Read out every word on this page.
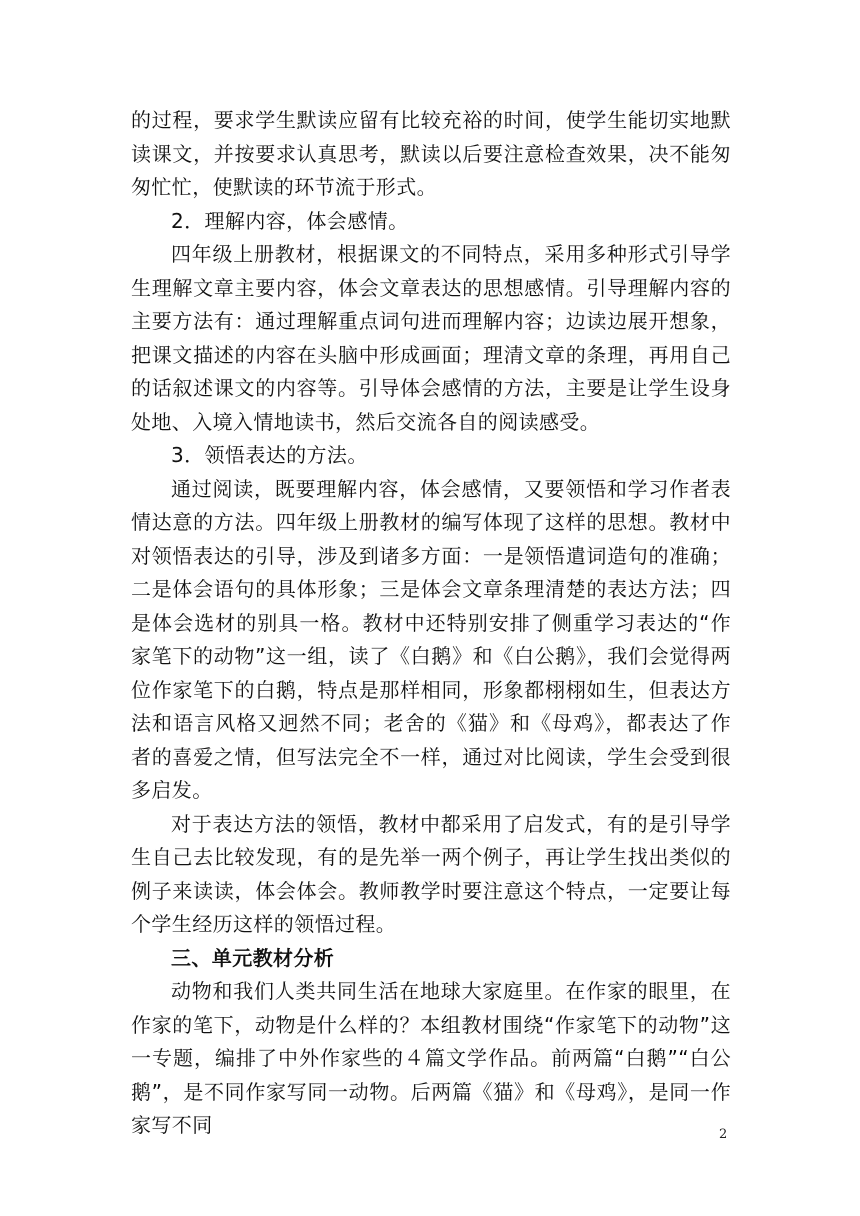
的过程，要求学生默读应留有比较充裕的时间，使学生能切实地默读课文，并按要求认真思考，默读以后要注意检查效果，决不能匆匆忙忙，使默读的环节流于形式。

2．理解内容，体会感情。

四年级上册教材，根据课文的不同特点，采用多种形式引导学生理解文章主要内容，体会文章表达的思想感情。引导理解内容的主要方法有：通过理解重点词句进而理解内容；边读边展开想象，把课文描述的内容在头脑中形成画面；理清文章的条理，再用自己的话叙述课文的内容等。引导体会感情的方法，主要是让学生设身处地、入境入情地读书，然后交流各自的阅读感受。

3．领悟表达的方法。

通过阅读，既要理解内容，体会感情，又要领悟和学习作者表情达意的方法。四年级上册教材的编写体现了这样的思想。教材中对领悟表达的引导，涉及到诸多方面：一是领悟遣词造句的准确；二是体会语句的具体形象；三是体会文章条理清楚的表达方法；四是体会选材的别具一格。教材中还特别安排了侧重学习表达的“作家笔下的动物”这一组，读了《白鹅》和《白公鹅》，我们会觉得两位作家笔下的白鹅，特点是那样相同，形象都栩栩如生，但表达方法和语言风格又迥然不同；老舍的《猫》和《母鸡》，都表达了作者的喜爱之情，但写法完全不一样，通过对比阅读，学生会受到很多启发。

对于表达方法的领悟，教材中都采用了启发式，有的是引导学生自己去比较发现，有的是先举一两个例子，再让学生找出类似的例子来读读，体会体会。教师教学时要注意这个特点，一定要让每个学生经历这样的领悟过程。

三、单元教材分析

动物和我们人类共同生活在地球大家庭里。在作家的眼里，在作家的笔下，动物是什么样的？本组教材围绕“作家笔下的动物”这一专题，编排了中外作家些的４篇文学作品。前两篇“白鹅”“白公鹅”，是不同作家写同一动物。后两篇《猫》和《母鸡》，是同一作家写不同	2
